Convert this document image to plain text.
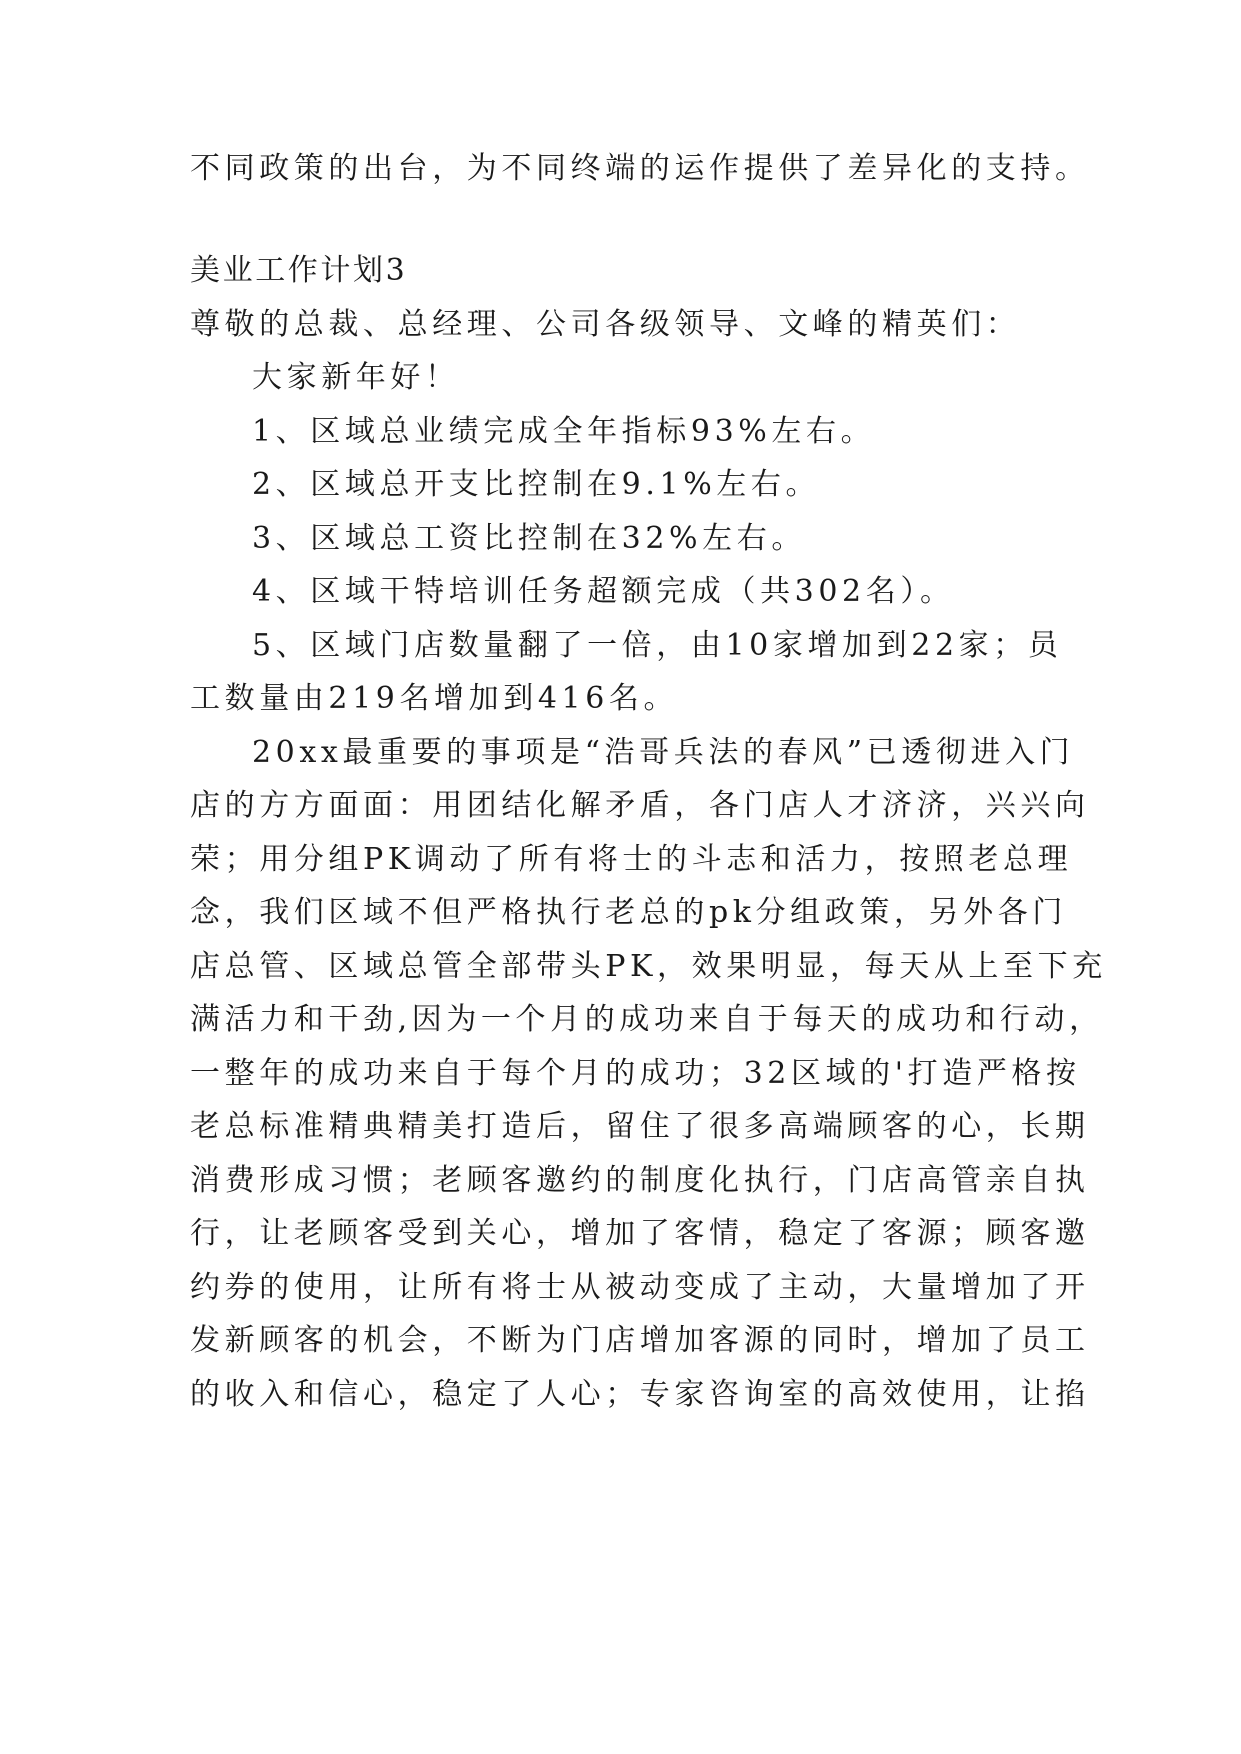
不同政策的出台，为不同终端的运作提供了差异化的支持。
美业工作计划3
尊敬的总裁、总经理、公司各级领导、文峰的精英们：
大家新年好！
1、区域总业绩完成全年指标93%左右。
2、区域总开支比控制在9.1%左右。
3、区域总工资比控制在32%左右。
4、区域干特培训任务超额完成（共302名）。
5、区域门店数量翻了一倍，由10家增加到22家；员
工数量由219名增加到416名。
20xx最重要的事项是“浩哥兵法的春风”已透彻进入门
店的方方面面：用团结化解矛盾，各门店人才济济，兴兴向
荣；用分组PK调动了所有将士的斗志和活力，按照老总理
念，我们区域不但严格执行老总的pk分组政策，另外各门
店总管、区域总管全部带头PK，效果明显，每天从上至下充
满活力和干劲,因为一个月的成功来自于每天的成功和行动，
一整年的成功来自于每个月的成功；32区域的'打造严格按
老总标准精典精美打造后，留住了很多高端顾客的心，长期
消费形成习惯；老顾客邀约的制度化执行，门店高管亲自执
行，让老顾客受到关心，增加了客情，稳定了客源；顾客邀
约券的使用，让所有将士从被动变成了主动，大量增加了开
发新顾客的机会，不断为门店增加客源的同时，增加了员工
的收入和信心，稳定了人心；专家咨询室的高效使用，让掐
